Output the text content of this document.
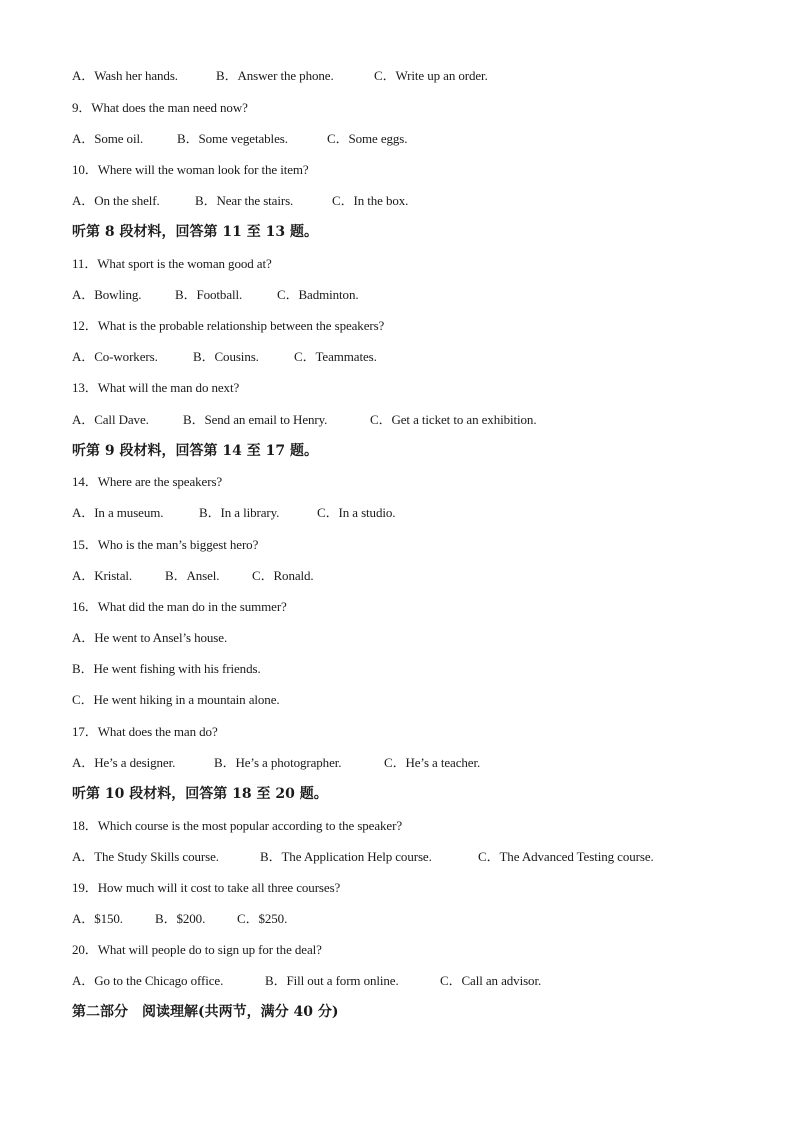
A．Wash her hands.	B．Answer the phone.	C．Write up an order.
9．What does the man need now?
A．Some oil.	B．Some vegetables.	C．Some eggs.
10．Where will the woman look for the item?
A．On the shelf.	B．Near the stairs.	C．In the box.
听第 8 段材料，回答第 11 至 13 题。
11．What sport is the woman good at?
A．Bowling.	B．Football.	C．Badminton.
12．What is the probable relationship between the speakers?
A．Co-workers.	B．Cousins.	C．Teammates.
13．What will the man do next?
A．Call Dave.	B．Send an email to Henry.	C．Get a ticket to an exhibition.
听第 9 段材料，回答第 14 至 17 题。
14．Where are the speakers?
A．In a museum.	B．In a library.	C．In a studio.
15．Who is the man’s biggest hero?
A．Kristal.	B．Ansel.	C．Ronald.
16．What did the man do in the summer?
A．He went to Ansel’s house.
B．He went fishing with his friends.
C．He went hiking in a mountain alone.
17．What does the man do?
A．He’s a designer.	B．He’s a photographer.	C．He’s a teacher.
听第 10 段材料，回答第 18 至 20 题。
18．Which course is the most popular according to the speaker?
A．The Study Skills course.	B．The Application Help course.	C．The Advanced Testing course.
19．How much will it cost to take all three courses?
A．$150. B．$200. C．$250.
20．What will people do to sign up for the deal?
A．Go to the Chicago office.	B．Fill out a form online.	C．Call an advisor.
第二部分　阅读理解(共两节，满分 40 分)
